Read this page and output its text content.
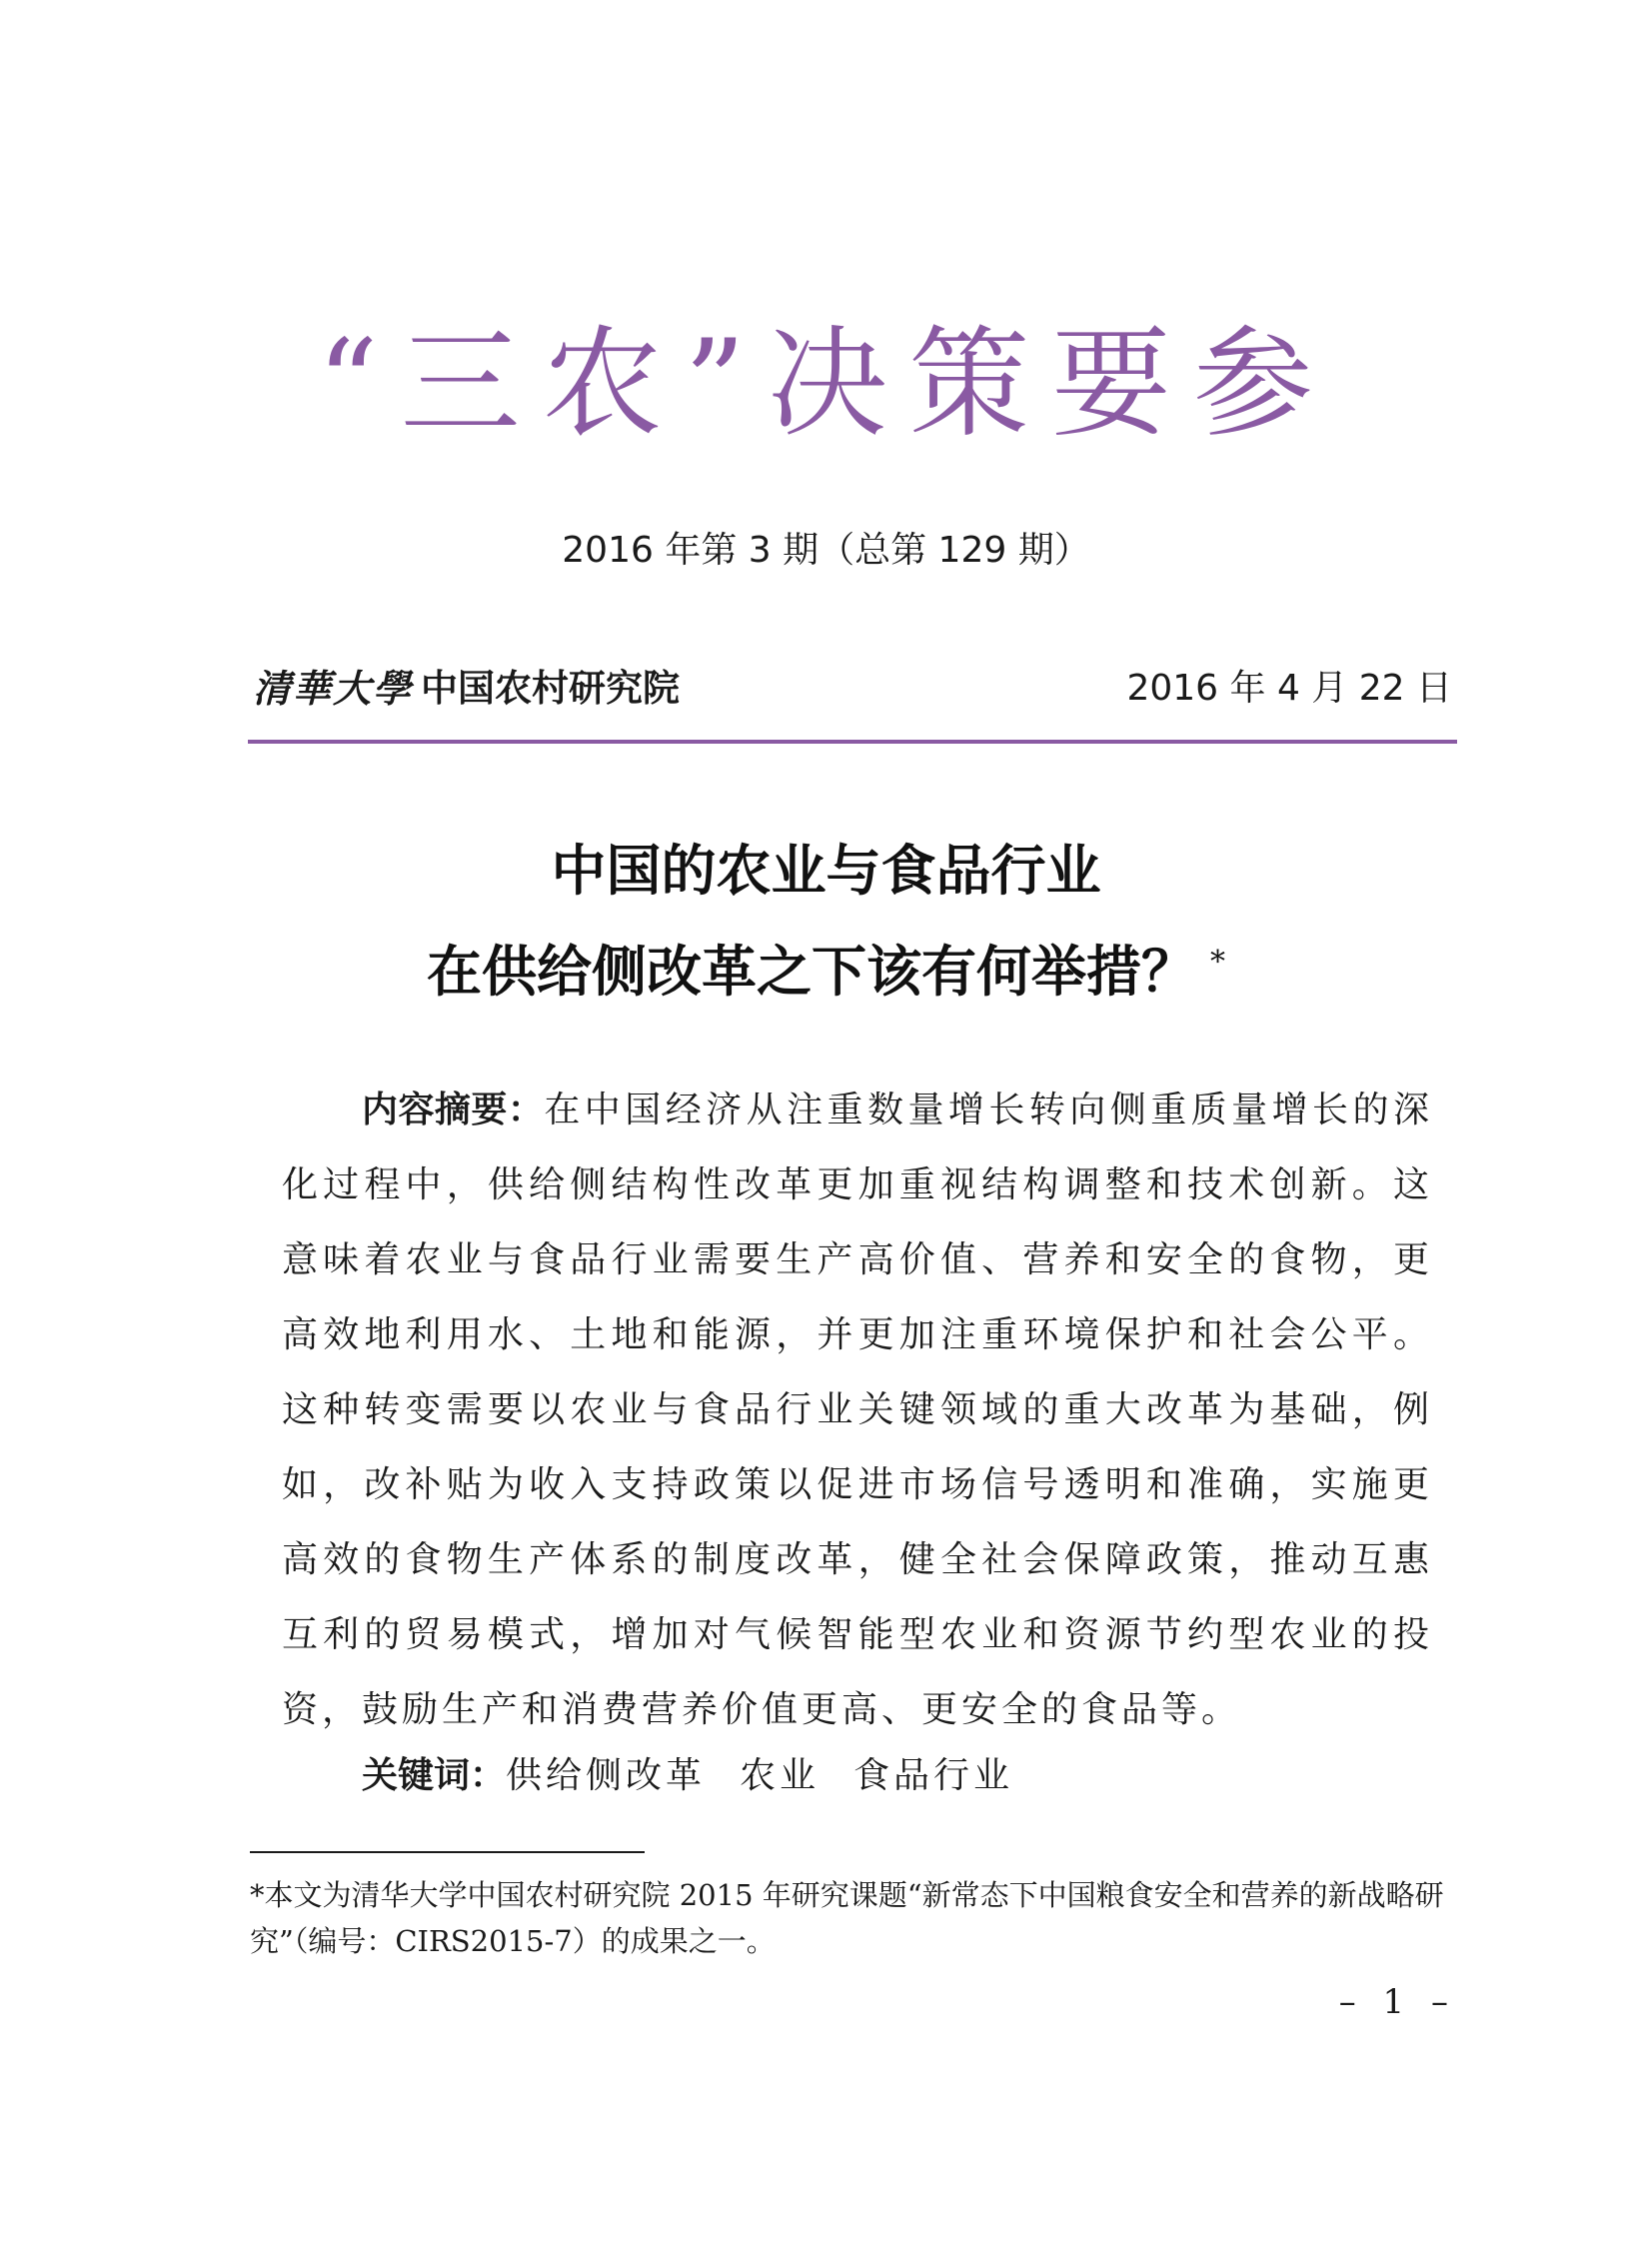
“三农”决策要参
2016 年第 3 期（总第 129 期）
清華大學 中国农村研究院	2016 年 4 月 22 日
中国的农业与食品行业
在供给侧改革之下该有何举措？ *
内容摘要：在中国经济从注重数量增长转向侧重质量增长的深化过程中，供给侧结构性改革更加重视结构调整和技术创新。这意味着农业与食品行业需要生产高价值、营养和安全的食物，更高效地利用水、土地和能源，并更加注重环境保护和社会公平。这种转变需要以农业与食品行业关键领域的重大改革为基础，例如，改补贴为收入支持政策以促进市场信号透明和准确，实施更高效的食物生产体系的制度改革，健全社会保障政策，推动互惠互利的贸易模式，增加对气候智能型农业和资源节约型农业的投资，鼓励生产和消费营养价值更高、更安全的食品等。
关键词：供给侧改革 农业 食品行业
*本文为清华大学中国农村研究院 2015 年研究课题“新常态下中国粮食安全和营养的新战略研究”（编号：CIRS2015-7）的成果之一。
– 1 –
